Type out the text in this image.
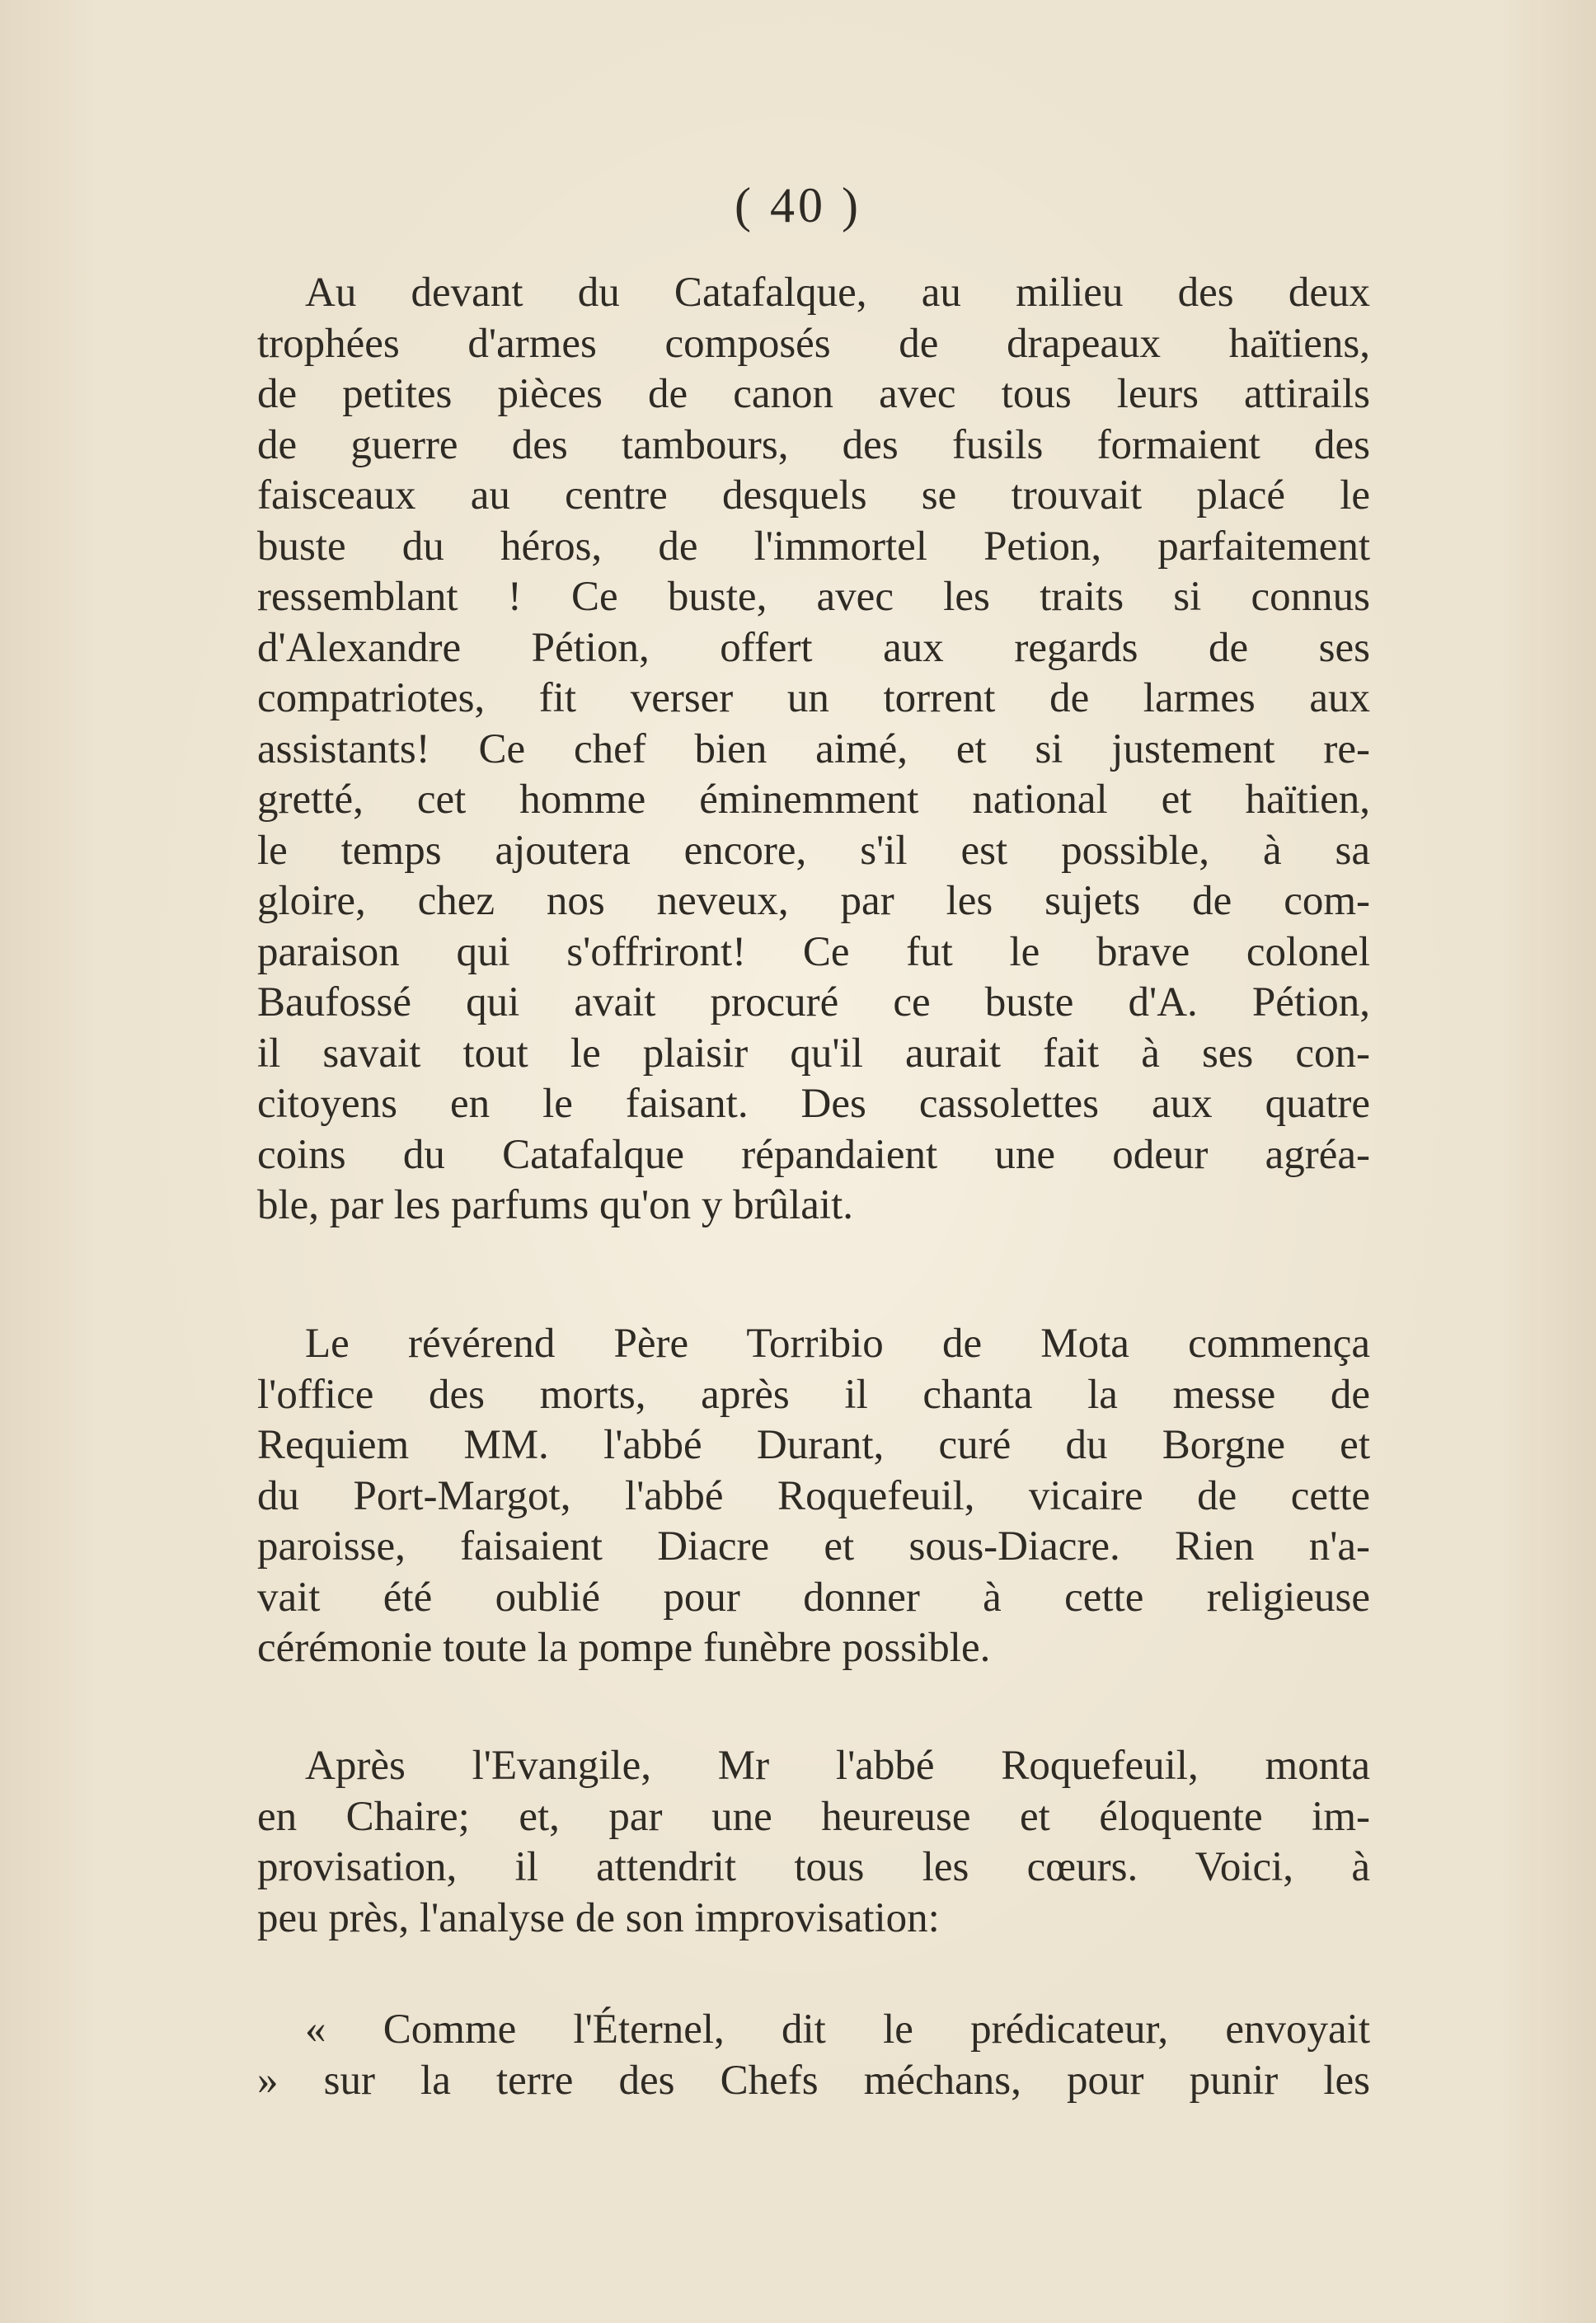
( 40 )
Au devant du Catafalque, au milieu des deux
trophées d'armes composés de drapeaux haïtiens,
de petites pièces de canon avec tous leurs attirails
de guerre des tambours, des fusils formaient des
faisceaux au centre desquels se trouvait placé le
buste du héros, de l'immortel Petion, parfaitement
ressemblant ! Ce buste, avec les traits si connus
d'Alexandre Pétion, offert aux regards de ses
compatriotes, fit verser un torrent de larmes aux
assistants! Ce chef bien aimé, et si justement re-
gretté, cet homme éminemment national et haïtien,
le temps ajoutera encore, s'il est possible, à sa
gloire, chez nos neveux, par les sujets de com-
paraison qui s'offriront! Ce fut le brave colonel
Baufossé qui avait procuré ce buste d'A. Pétion,
il savait tout le plaisir qu'il aurait fait à ses con-
citoyens en le faisant. Des cassolettes aux quatre
coins du Catafalque répandaient une odeur agréa-
ble, par les parfums qu'on y brûlait.
Le révérend Père Torribio de Mota commença
l'office des morts, après il chanta la messe de
Requiem MM. l'abbé Durant, curé du Borgne et
du Port-Margot, l'abbé Roquefeuil, vicaire de cette
paroisse, faisaient Diacre et sous-Diacre. Rien n'a-
vait été oublié pour donner à cette religieuse
cérémonie toute la pompe funèbre possible.
Après l'Evangile, Mr l'abbé Roquefeuil, monta
en Chaire; et, par une heureuse et éloquente im-
provisation, il attendrit tous les cœurs. Voici, à
peu près, l'analyse de son improvisation:
« Comme l'Éternel, dit le prédicateur, envoyait
» sur la terre des Chefs méchans, pour punir les
